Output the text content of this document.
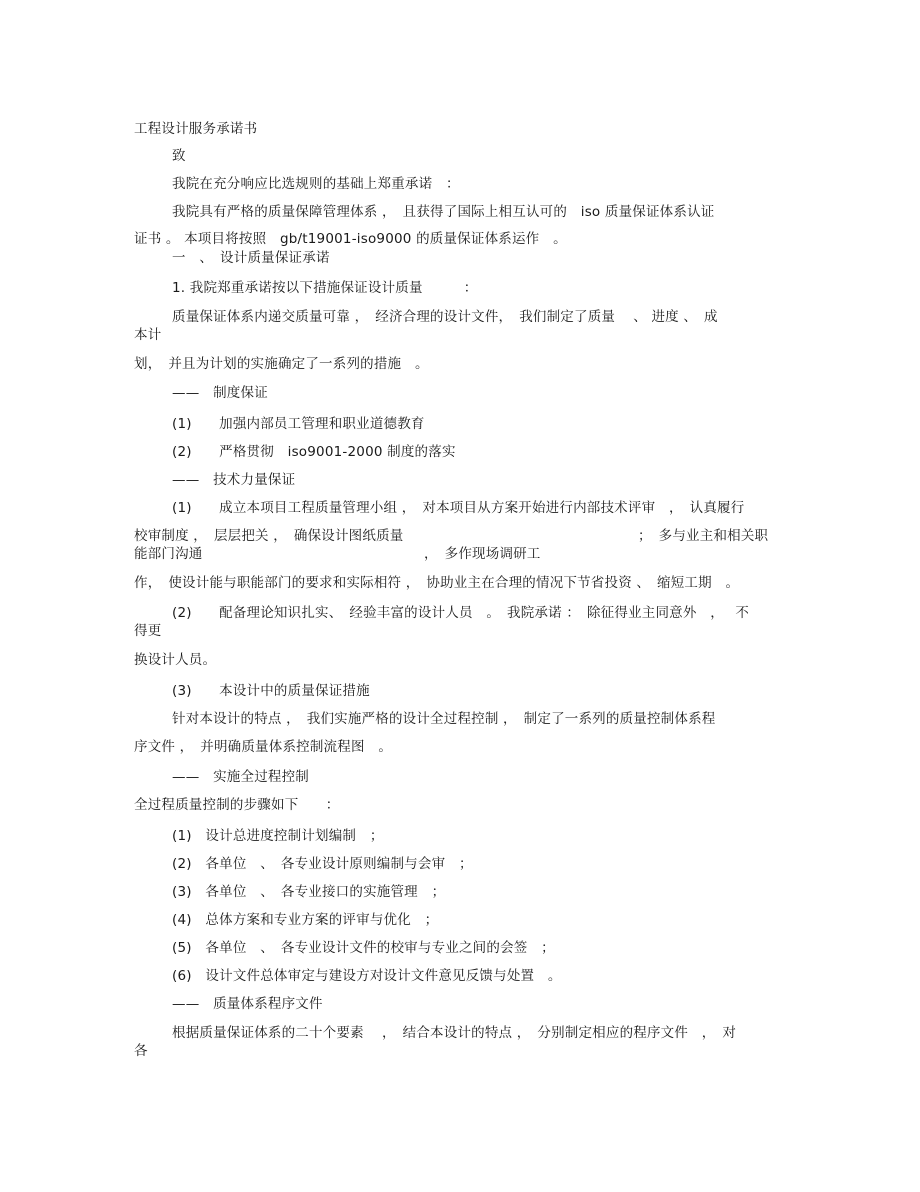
工程设计服务承诺书
致
我院在充分响应比选规则的基础上郑重承诺　：
我院具有严格的质量保障管理体系 ，　且获得了国际上相互认可的　iso 质量保证体系认证
证书 。 本项目将按照　gb/t19001-iso9000 的质量保证体系运作　。
一　、　设计质量保证承诺
1. 我院郑重承诺按以下措施保证设计质量　　　：
质量保证体系内递交质量可靠 ，　经济合理的设计文件，　我们制定了质量　 、 进度 、　成
本计
划，　并且为计划的实施确定了一系列的措施　。
——　制度保证
(1)　　加强内部员工管理和职业道德教育
(2)　　严格贯彻　iso9001-2000 制度的落实
——　技术力量保证
(1)　　成立本项目工程质量管理小组 ，　对本项目从方案开始进行内部技术评审　，　认真履行
校审制度 ，　层层把关 ，　确保设计图纸质量	；　多与业主和相关职
能部门沟通	，　多作现场调研工
作，　使设计能与职能部门的要求和实际相符 ，　协助业主在合理的情况下节省投资 、　缩短工期　。
(2)　　配备理论知识扎实、　经验丰富的设计人员　。　我院承诺 ：　除征得业主同意外　，　 不
得更
换设计人员。
(3)　　本设计中的质量保证措施
针对本设计的特点 ，　我们实施严格的设计全过程控制 ，　制定了一系列的质量控制体系程
序文件 ，　并明确质量体系控制流程图　。
——　实施全过程控制
全过程质量控制的步骤如下　　：
(1)　设计总进度控制计划编制　；
(2)　各单位　、　各专业设计原则编制与会审　；
(3)　各单位　、　各专业接口的实施管理　；
(4)　总体方案和专业方案的评审与优化　；
(5)　各单位　、　各专业设计文件的校审与专业之间的会签　；
(6)　设计文件总体审定与建设方对设计文件意见反馈与处置　。
——　质量体系程序文件
根据质量保证体系的二十个要素　 ，　结合本设计的特点 ，　分别制定相应的程序文件　，　对
各
